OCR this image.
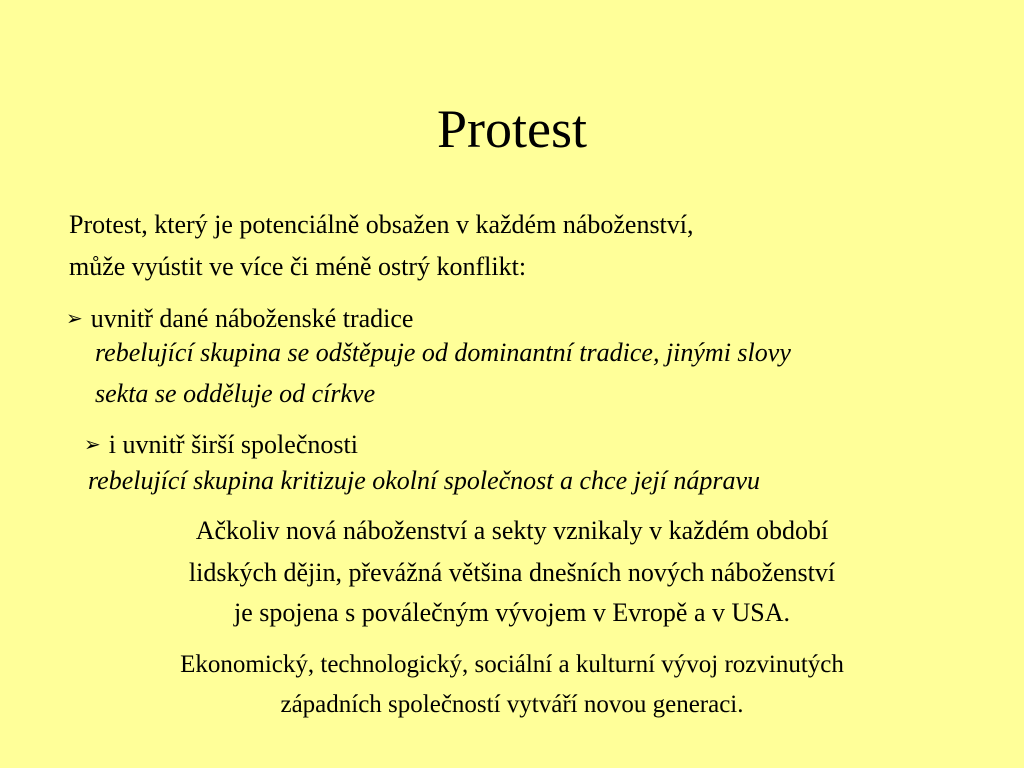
Protest
Protest, který je potenciálně obsažen v každém náboženství,
může vyústit ve více či méně ostrý konflikt:
➢ uvnitř dané náboženské tradice
rebelující skupina se odštěpuje od dominantní tradice, jinými slovy
sekta se odděluje od církve
➢ i uvnitř širší společnosti
rebelující skupina kritizuje okolní společnost a chce její nápravu
Ačkoliv nová náboženství a sekty vznikaly v každém období
lidských dějin, převážná většina dnešních nových náboženství
je spojena s poválečným vývojem v Evropě a v USA.
Ekonomický, technologický, sociální a kulturní vývoj rozvinutých
západních společností vytváří novou generaci.
